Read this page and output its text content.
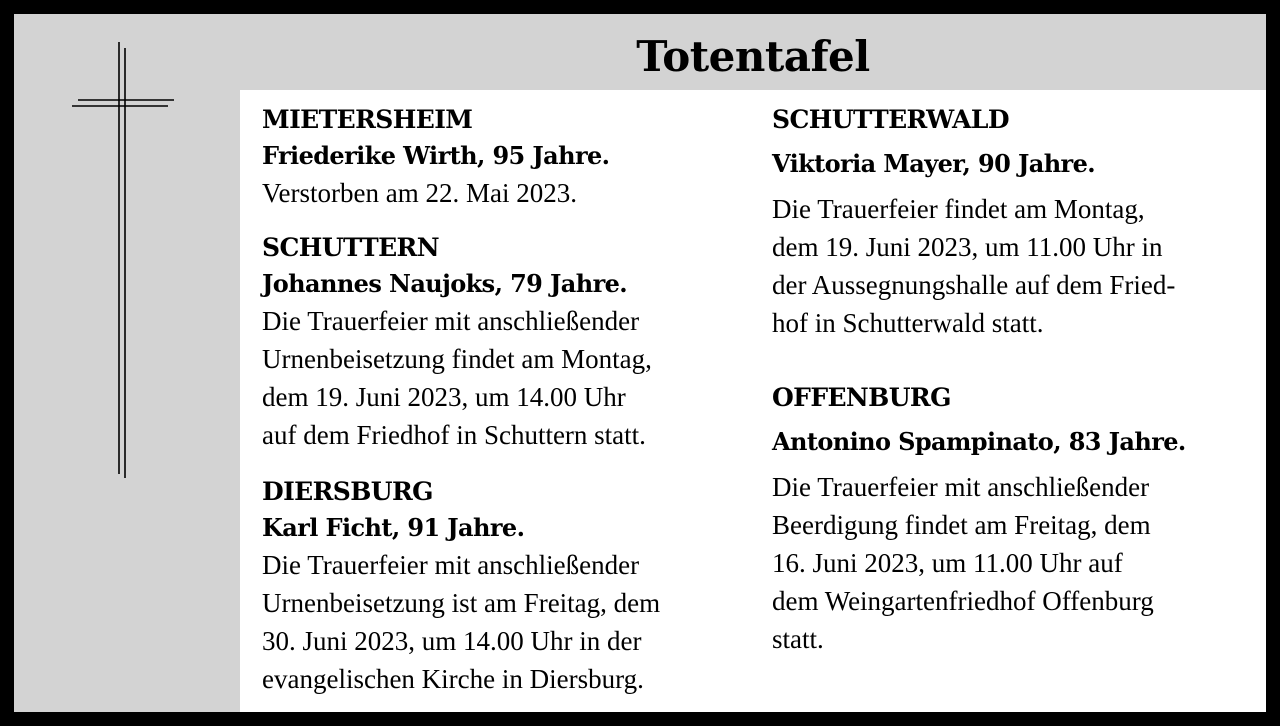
Totentafel
MIETERSHEIM
Friederike Wirth, 95 Jahre.
Verstorben am 22. Mai 2023.
SCHUTTERN
Johannes Naujoks, 79 Jahre.
Die Trauerfeier mit anschließender
Urnenbeisetzung findet am Montag,
dem 19. Juni 2023, um 14.00 Uhr
auf dem Friedhof in Schuttern statt.
DIERSBURG
Karl Ficht, 91 Jahre.
Die Trauerfeier mit anschließender
Urnenbeisetzung ist am Freitag, dem
30. Juni 2023, um 14.00 Uhr in der
evangelischen Kirche in Diersburg.
SCHUTTERWALD
Viktoria Mayer, 90 Jahre.
Die Trauerfeier findet am Montag,
dem 19. Juni 2023, um 11.00 Uhr in
der Aussegnungshalle auf dem Fried-
hof in Schutterwald statt.
OFFENBURG
Antonino Spampinato, 83 Jahre.
Die Trauerfeier mit anschließender
Beerdigung findet am Freitag, dem
16. Juni 2023, um 11.00 Uhr auf
dem Weingartenfriedhof Offenburg
statt.
